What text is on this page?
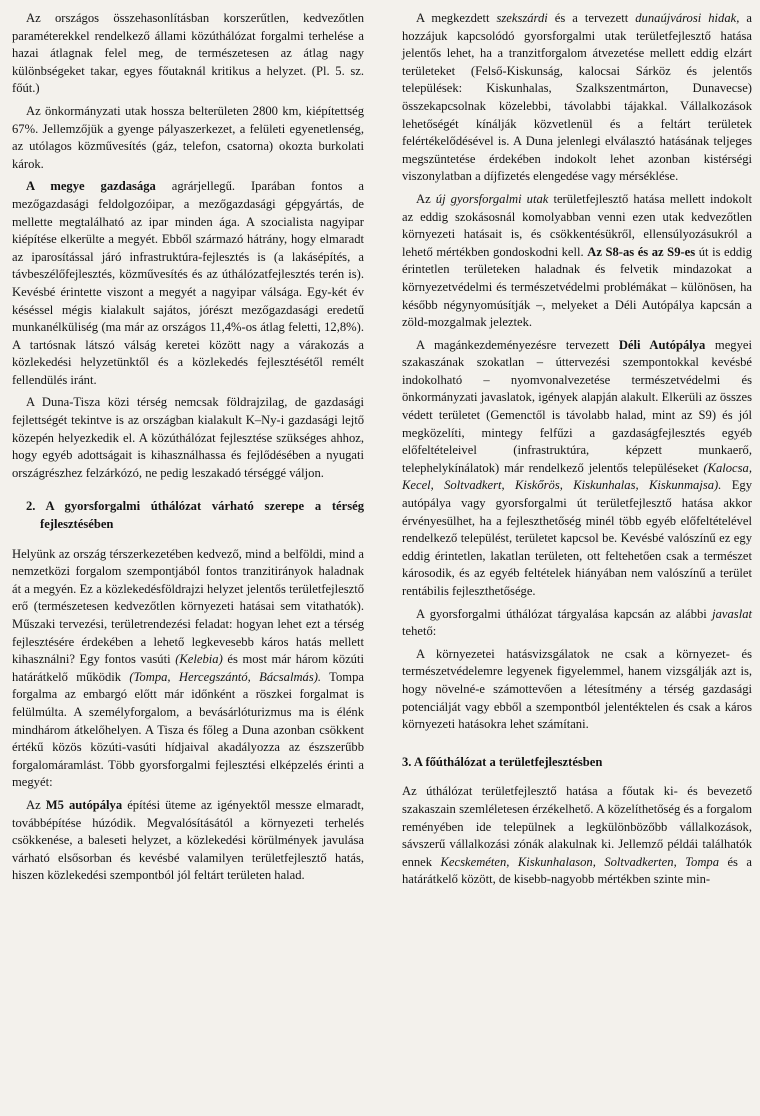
Az országos összehasonlításban korszerűtlen, kedvezőtlen paraméterekkel rendelkező állami közúthálózat forgalmi terhelése a hazai átlagnak felel meg, de természetesen az átlag nagy különbségeket takar, egyes főutaknál kritikus a helyzet. (Pl. 5. sz. főút.)

Az önkormányzati utak hossza belterületen 2800 km, kiépítettség 67%. Jellemzőjük a gyenge pályaszerkezet, a felületi egyenetlenség, az utólagos közművesítés (gáz, telefon, csatorna) okozta burkolati károk.

A megye gazdasága agrárjellegű. Iparában fontos a mezőgazdasági feldolgozóipar, a mezőgazdasági gépgyártás, de mellette megtalálható az ipar minden ága. A szocialista nagyipar kiépítése elkerülte a megyét. Ebből származó hátrány, hogy elmaradt az iparosítással járó infrastruktúra-fejlesztés is (a lakásépítés, a távbeszélőfejlesztés, közművesítés és az úthálózatfejlesztés terén is). Kevésbé érintette viszont a megyét a nagyipar válsága. Egy-két év késéssel mégis kialakult sajátos, jórészt mezőgazdasági eredetű munkanélküliség (ma már az országos 11,4%-os átlag feletti, 12,8%). A tartósnak látszó válság keretei között nagy a várakozás a közlekedési helyzetünktől és a közlekedés fejlesztésétől remélt fellendülés iránt.

A Duna-Tisza közi térség nemcsak földrajzilag, de gazdasági fejlettségét tekintve is az országban kialakult K–Ny-i gazdasági lejtő közepén helyezkedik el. A közúthálózat fejlesztése szükséges ahhoz, hogy egyéb adottságait is kihasználhassa és fejlődésében a nyugati országrészhez felzárkózó, ne pedig leszakadó térséggé váljon.

2. A gyorsforgalmi úthálózat várható szerepe a térség fejlesztésében

Helyünk az ország térszerkezetében kedvező, mind a belföldi, mind a nemzetközi forgalom szempontjából fontos tranzitirányok haladnak át a megyén. Ez a közlekedésföldrajzi helyzet jelentős területfejlesztő erő (természetesen kedvezőtlen környezeti hatásai sem vitathatók). Műszaki tervezési, területrendezési feladat: hogyan lehet ezt a térség fejlesztésére érdekében a lehető legkevesebb káros hatás mellett kihasználni? Egy fontos vasúti (Kelebia) és most már három közúti határátkelő működik (Tompa, Hercegszántó, Bácsalmás). Tompa forgalma az embargó előtt már időnként a röszkei forgalmat is felülmúlta. A személyforgalom, a bevásárlóturizmus ma is élénk mindhárom átkelőhelyen. A Tisza és főleg a Duna azonban csökkent értékű közös közúti-vasúti hídjaival akadályozza az észszerűbb forgalomáramlást. Több gyorsforgalmi fejlesztési elképzelés érinti a megyét:

Az M5 autópálya építési üteme az igényektől messze elmaradt, továbbépítése húzódik. Megvalósításától a környezeti terhelés csökkenése, a baleseti helyzet, a közlekedési körülmények javulása várható elsősorban és kevésbé valamilyen területfejlesztő hatás, hiszen közlekedési szempontból jól feltárt területen halad.

A megkezdett szekszárdi és a tervezett dunaújvárosi hidak, a hozzájuk kapcsolódó gyorsforgalmi utak területfejlesztő hatása jelentős lehet, ha a tranzitforgalom átvezetése mellett eddig elzárt területeket (Felső-Kiskunság, kalocsai Sárköz és jelentős települések: Kiskunhalas, Szalkszentmárton, Dunavecse) összekapcsolnak közelebbi, távolabbi tájakkal. Vállalkozások lehetőségét kínálják közvetlenül és a feltárt területek felértékelődésével is. A Duna jelenlegi elválasztó hatásának teljeges megszüntetése érdekében indokolt lehet azonban kistérségi viszonylatban a díjfizetés elengedése vagy mérséklése.

Az új gyorsforgalmi utak területfejlesztő hatása mellett indokolt az eddig szokásosnál komolyabban venni ezen utak kedvezőtlen környezeti hatásait is, és csökkentésükről, ellensúlyozásukról a lehető mértékben gondoskodni kell. Az S8-as és az S9-es út is eddig érintetlen területeken haladnak és felvetik mindazokat a környezetvédelmi és természetvédelmi problémákat – különösen, ha később négynyomúsítják –, melyeket a Déli Autópálya kapcsán a zöld-mozgalmak jeleztek.

A magánkezdeményezésre tervezett Déli Autópálya megyei szakaszának szokatlan – úttervezési szempontokkal kevésbé indokolható – nyomvonalvezetése természetvédelmi és önkormányzati javaslatok, igények alapján alakult. Elkerüli az összes védett területet (Gemenctől is távolabb halad, mint az S9) és jól megközelíti, mintegy felfűzi a gazdaságfejlesztés egyéb előfeltételeivel (infrastruktúra, képzett munkaerő, telephelykínálatok) már rendelkező jelentős településeket (Kalocsa, Kecel, Soltvadkert, Kiskőrös, Kiskunhalas, Kiskunmajsa). Egy autópálya vagy gyorsforgalmi út területfejlesztő hatása akkor érvényesülhet, ha a fejleszthetőség minél több egyéb előfeltételével rendelkező települést, területet kapcsol be. Kevésbé valószínű ez egy eddig érintetlen, lakatlan területen, ott feltehetően csak a természet károsodik, és az egyéb feltételek hiányában nem valószínű a terület rentábilis fejleszthetősége.

A gyorsforgalmi úthálózat tárgyalása kapcsán az alábbi javaslat tehető:

A környezetei hatásvizsgálatok ne csak a környezet- és természetvédelemre legyenek figyelemmel, hanem vizsgálják azt is, hogy növelné-e számottevően a létesítmény a térség gazdasági potenciálját vagy ebből a szempontból jelentéktelen és csak a káros környezeti hatásokra lehet számítani.

3. A főúthálózat a területfejlesztésben

Az úthálózat területfejlesztő hatása a főutak ki- és bevezető szakaszain szemléletesen érzékelhető. A közelíthetőség és a forgalom reményében ide települnek a legkülönbözőbb vállalkozások, sávszerű vállalkozási zónák alakulnak ki. Jellemző példái találhatók ennek Kecskeméten, Kiskunhalason, Soltvadkerten, Tompa és a határátkelő között, de kisebb-nagyobb mértékben szinte min-
